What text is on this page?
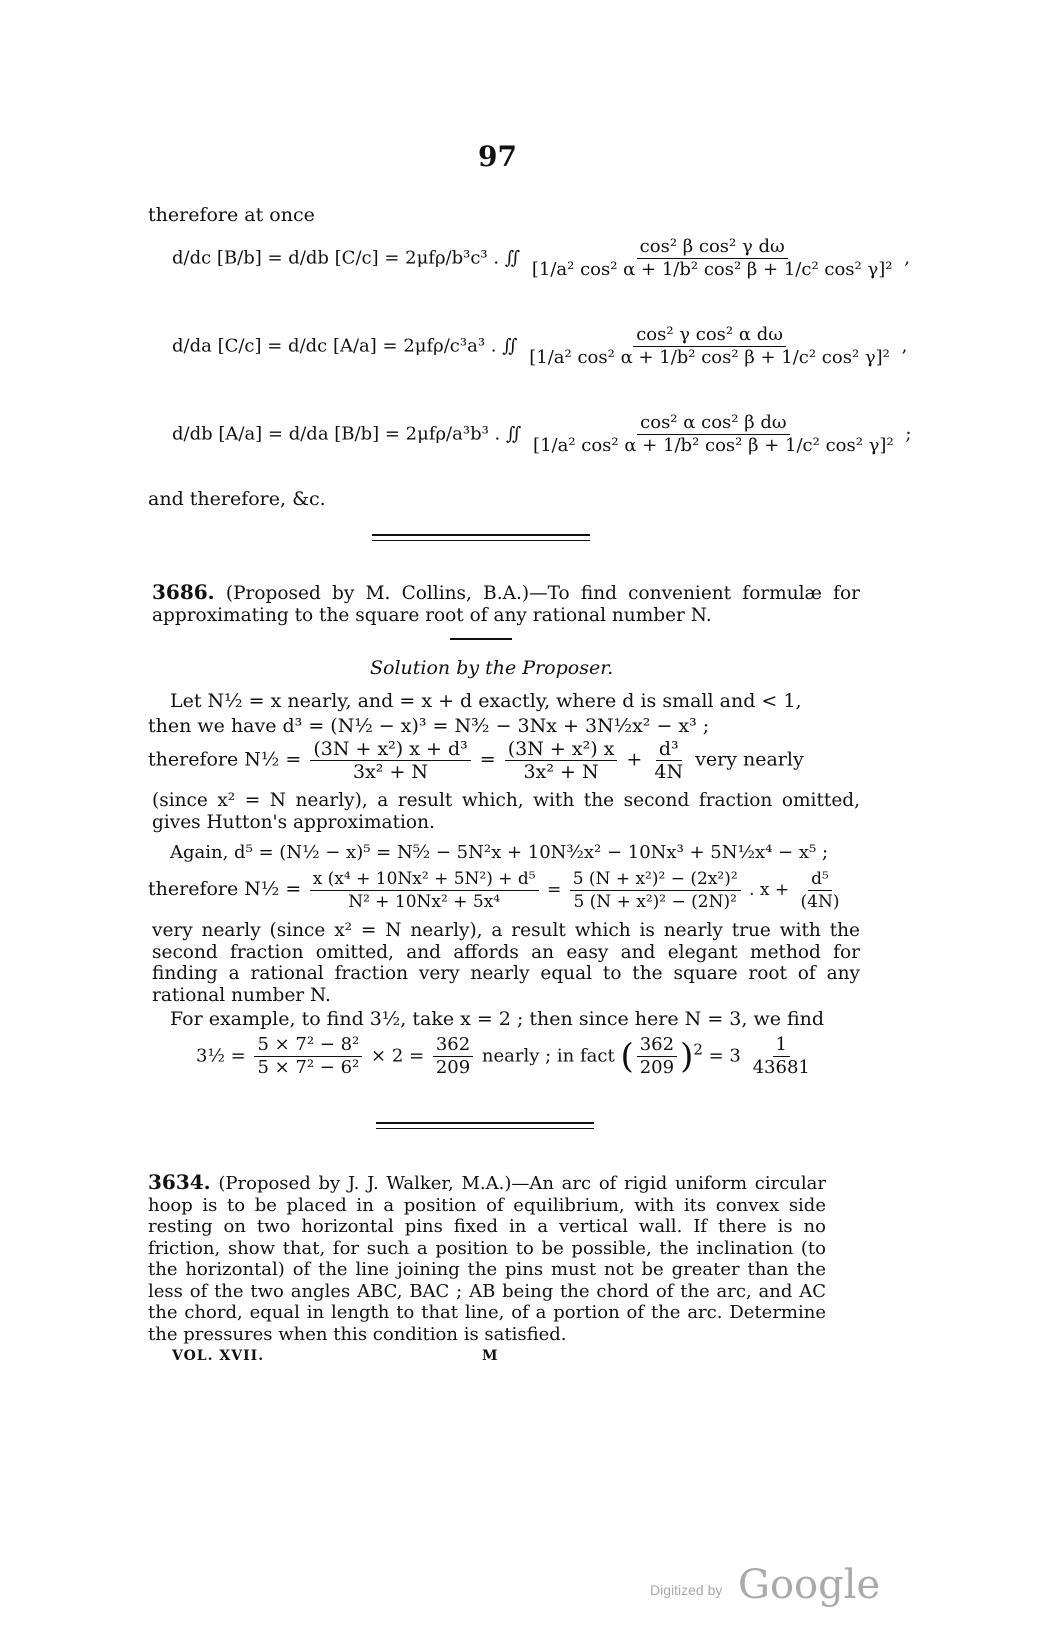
97
therefore at once
d/dc [B/b] = d/db [C/c] = 2μfρ/b³c³ . ∬ $\frac{\text{cos² β cos² γ dω}}{\text{[1/a² cos² α + 1/b² cos² β + 1/c² cos² γ]²}}$ ,
d/da [C/c] = d/dc [A/a] = 2μfρ/c³a³ . ∬ $\frac{\text{cos² γ cos² α dω}}{\text{[1/a² cos² α + 1/b² cos² β + 1/c² cos² γ]²}}$ ,
d/db [A/a] = d/da [B/b] = 2μfρ/a³b³ . ∬ $\frac{\text{cos² α cos² β dω}}{\text{[1/a² cos² α + 1/b² cos² β + 1/c² cos² γ]²}}$ ;
and therefore, &c.
3686. (Proposed by M. Collins, B.A.)—To find convenient formulæ for approximating to the square root of any rational number N.
Solution by the Proposer.
Let N½ = x nearly, and = x + d exactly, where d is small and < 1,
then we have d³ = (N½ − x)³ = N³⁄₂ − 3Nx + 3N½x² − x³ ;
therefore N½ = $\frac{\text{(3N + x²) x + d³}}{\text{3x² + N}} = \frac{\text{(3N + x²) x}}{\text{3x² + N}} + \frac{\text{d³}}{4N}$ very nearly
(since x² = N nearly), a result which, with the second fraction omitted, gives Hutton's approximation.
Again, d⁵ = (N½ − x)⁵ = N⁵⁄₂ − 5N²x + 10N³⁄₂x² − 10Nx³ + 5N½x⁴ − x⁵ ;
therefore N½ = $\frac{\text{x (x⁴ + 10Nx² + 5N²) + d⁵}}{\text{N² + 10Nx² + 5x⁴}} = \frac{\text{5 (N + x²)² − (2x²)²}}{\text{5 (N + x²)² − (2N)²}}$ . $x + \frac{\text{d⁵}}{(4N)}$
very nearly (since x² = N nearly), a result which is nearly true with the second fraction omitted, and affords an easy and elegant method for finding a rational fraction very nearly equal to the square root of any rational number N.
For example, to find 3½, take x = 2 ; then since here N = 3, we find
3½ = $\frac{\text{5 × 7² − 8²}}{\text{5 × 7² − 6²}} \times 2 = \frac{362}{209}$ nearly ; in fact ( $\frac{362}{209} )^2 = 3 \frac{1}{43681}$
3634. (Proposed by J. J. Walker, M.A.)—An arc of rigid uniform circular hoop is to be placed in a position of equilibrium, with its convex side resting on two horizontal pins fixed in a vertical wall. If there is no friction, show that, for such a position to be possible, the inclination (to the horizontal) of the line joining the pins must not be greater than the less of the two angles ABC, BAC ; AB being the chord of the arc, and AC the chord, equal in length to that line, of a portion of the arc. Determine the pressures when this condition is satisfied.
VOL. XVII.	M
Digitized by Google
